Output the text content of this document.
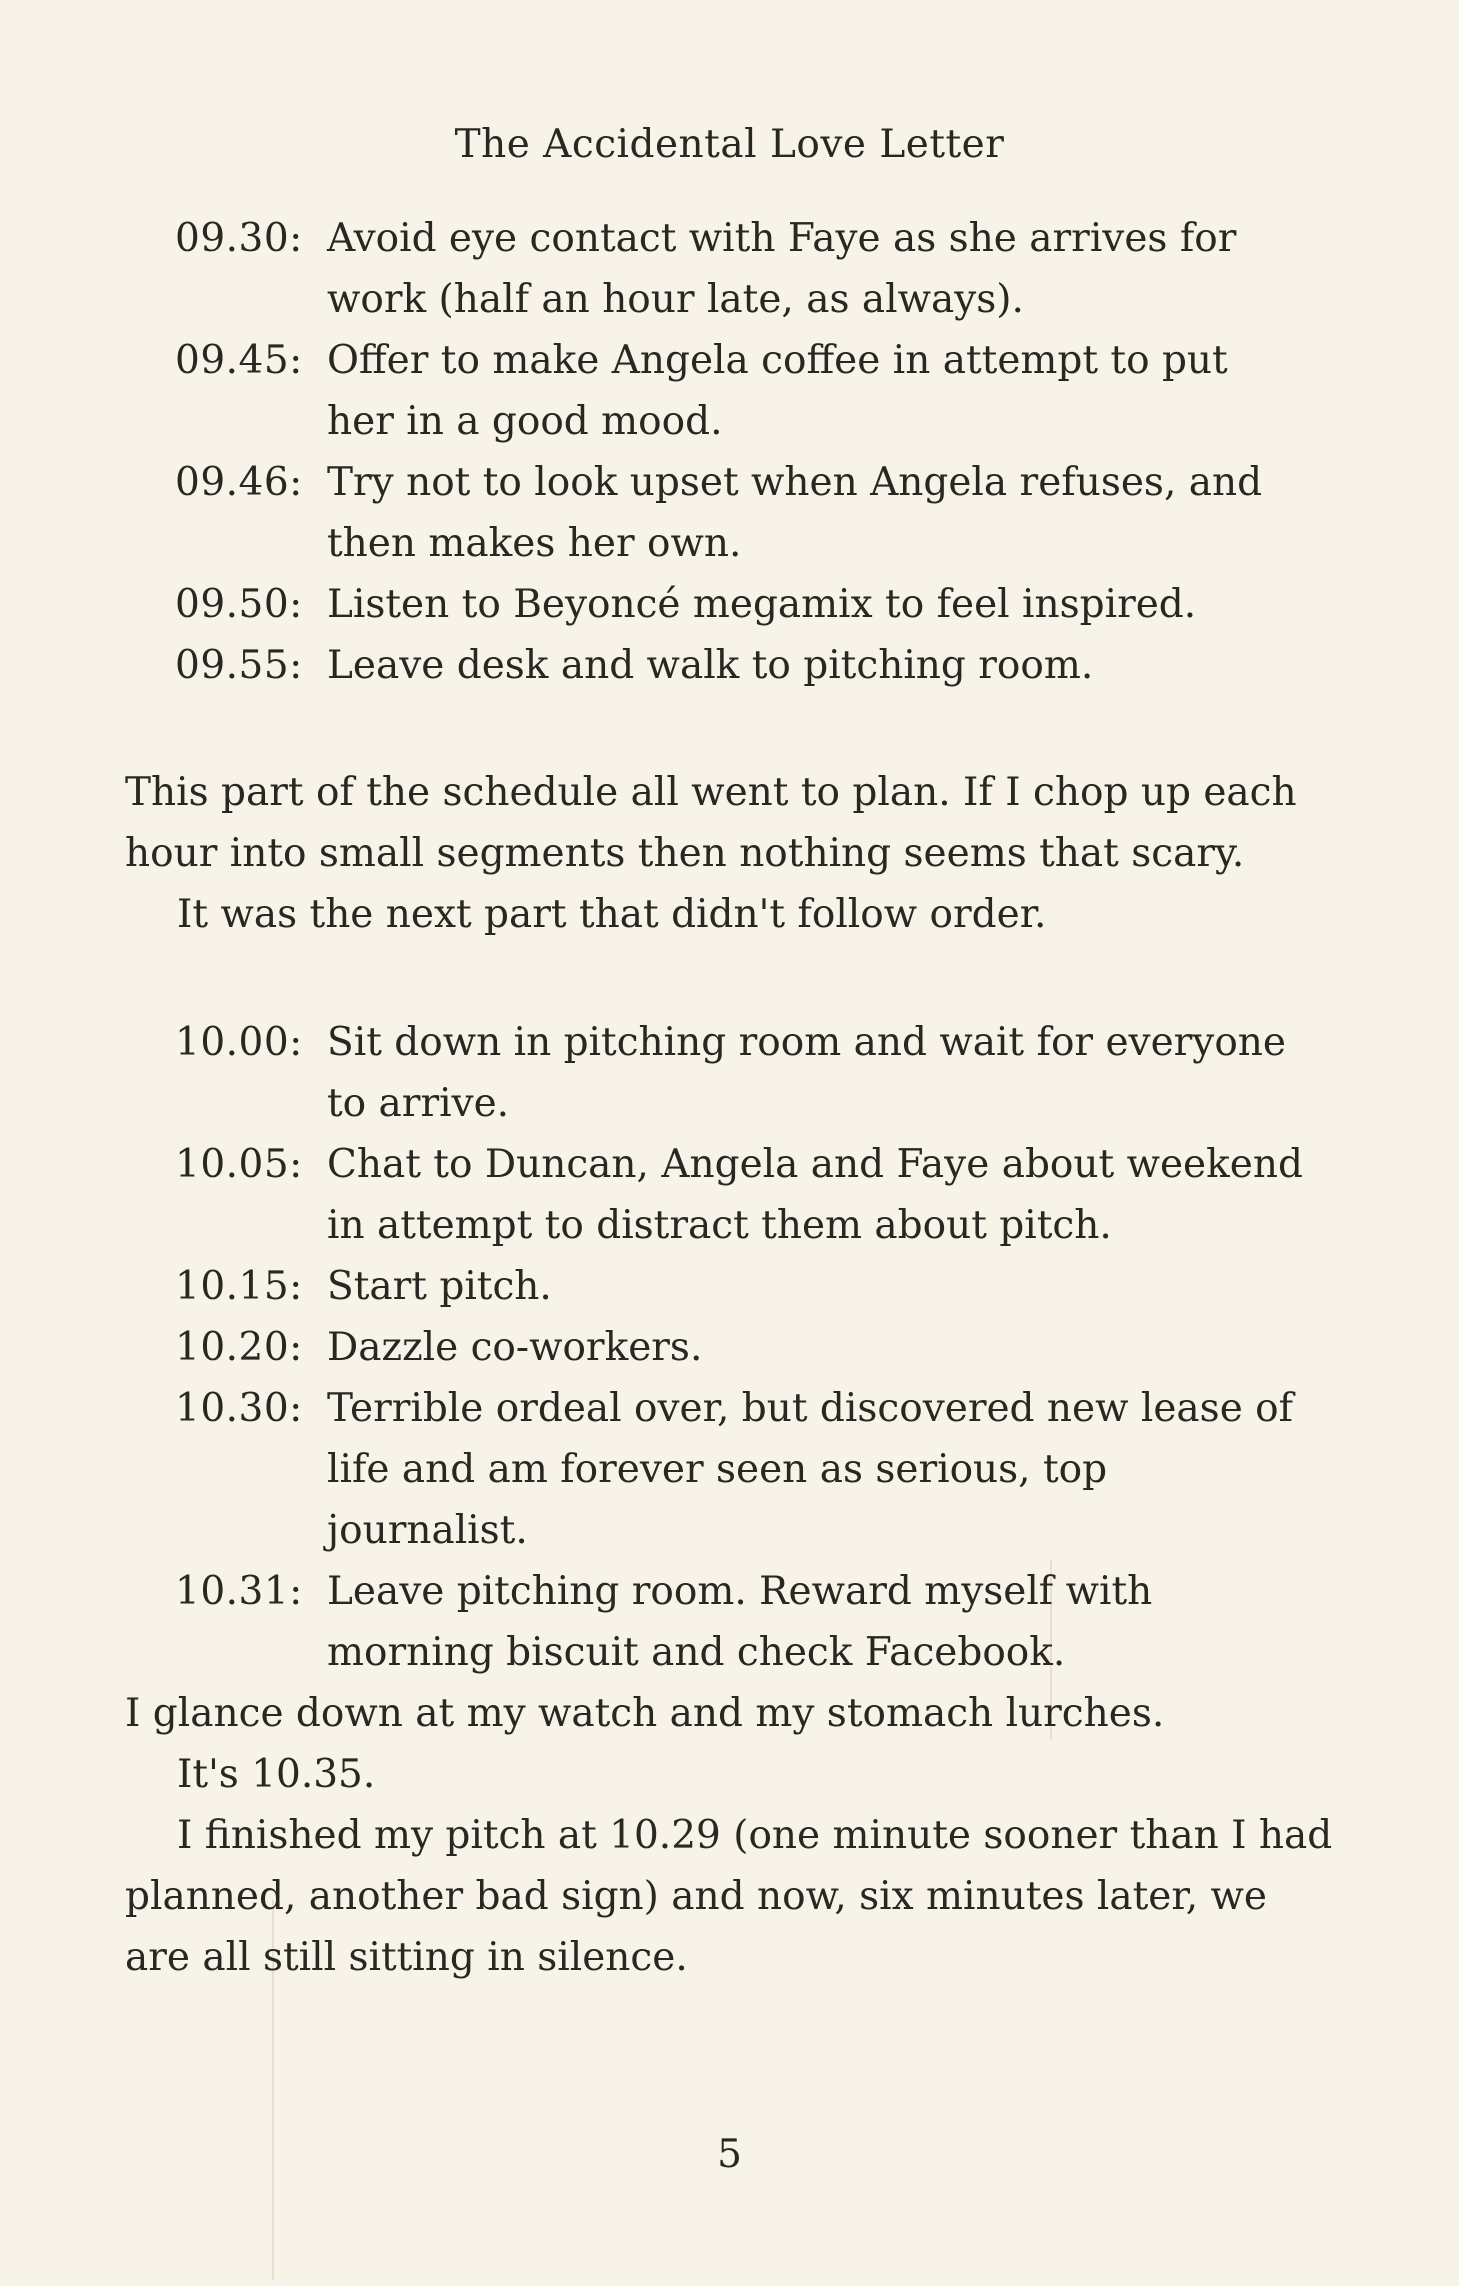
The Accidental Love Letter
09.30: Avoid eye contact with Faye as she arrives for work (half an hour late, as always).
09.45: Offer to make Angela coffee in attempt to put her in a good mood.
09.46: Try not to look upset when Angela refuses, and then makes her own.
09.50: Listen to Beyoncé megamix to feel inspired.
09.55: Leave desk and walk to pitching room.

This part of the schedule all went to plan. If I chop up each hour into small segments then nothing seems that scary.

It was the next part that didn't follow order.

10.00: Sit down in pitching room and wait for everyone to arrive.
10.05: Chat to Duncan, Angela and Faye about weekend in attempt to distract them about pitch.
10.15: Start pitch.
10.20: Dazzle co-workers.
10.30: Terrible ordeal over, but discovered new lease of life and am forever seen as serious, top journalist.
10.31: Leave pitching room. Reward myself with morning biscuit and check Facebook.

I glance down at my watch and my stomach lurches.

It's 10.35.

I finished my pitch at 10.29 (one minute sooner than I had planned, another bad sign) and now, six minutes later, we are all still sitting in silence.

5
